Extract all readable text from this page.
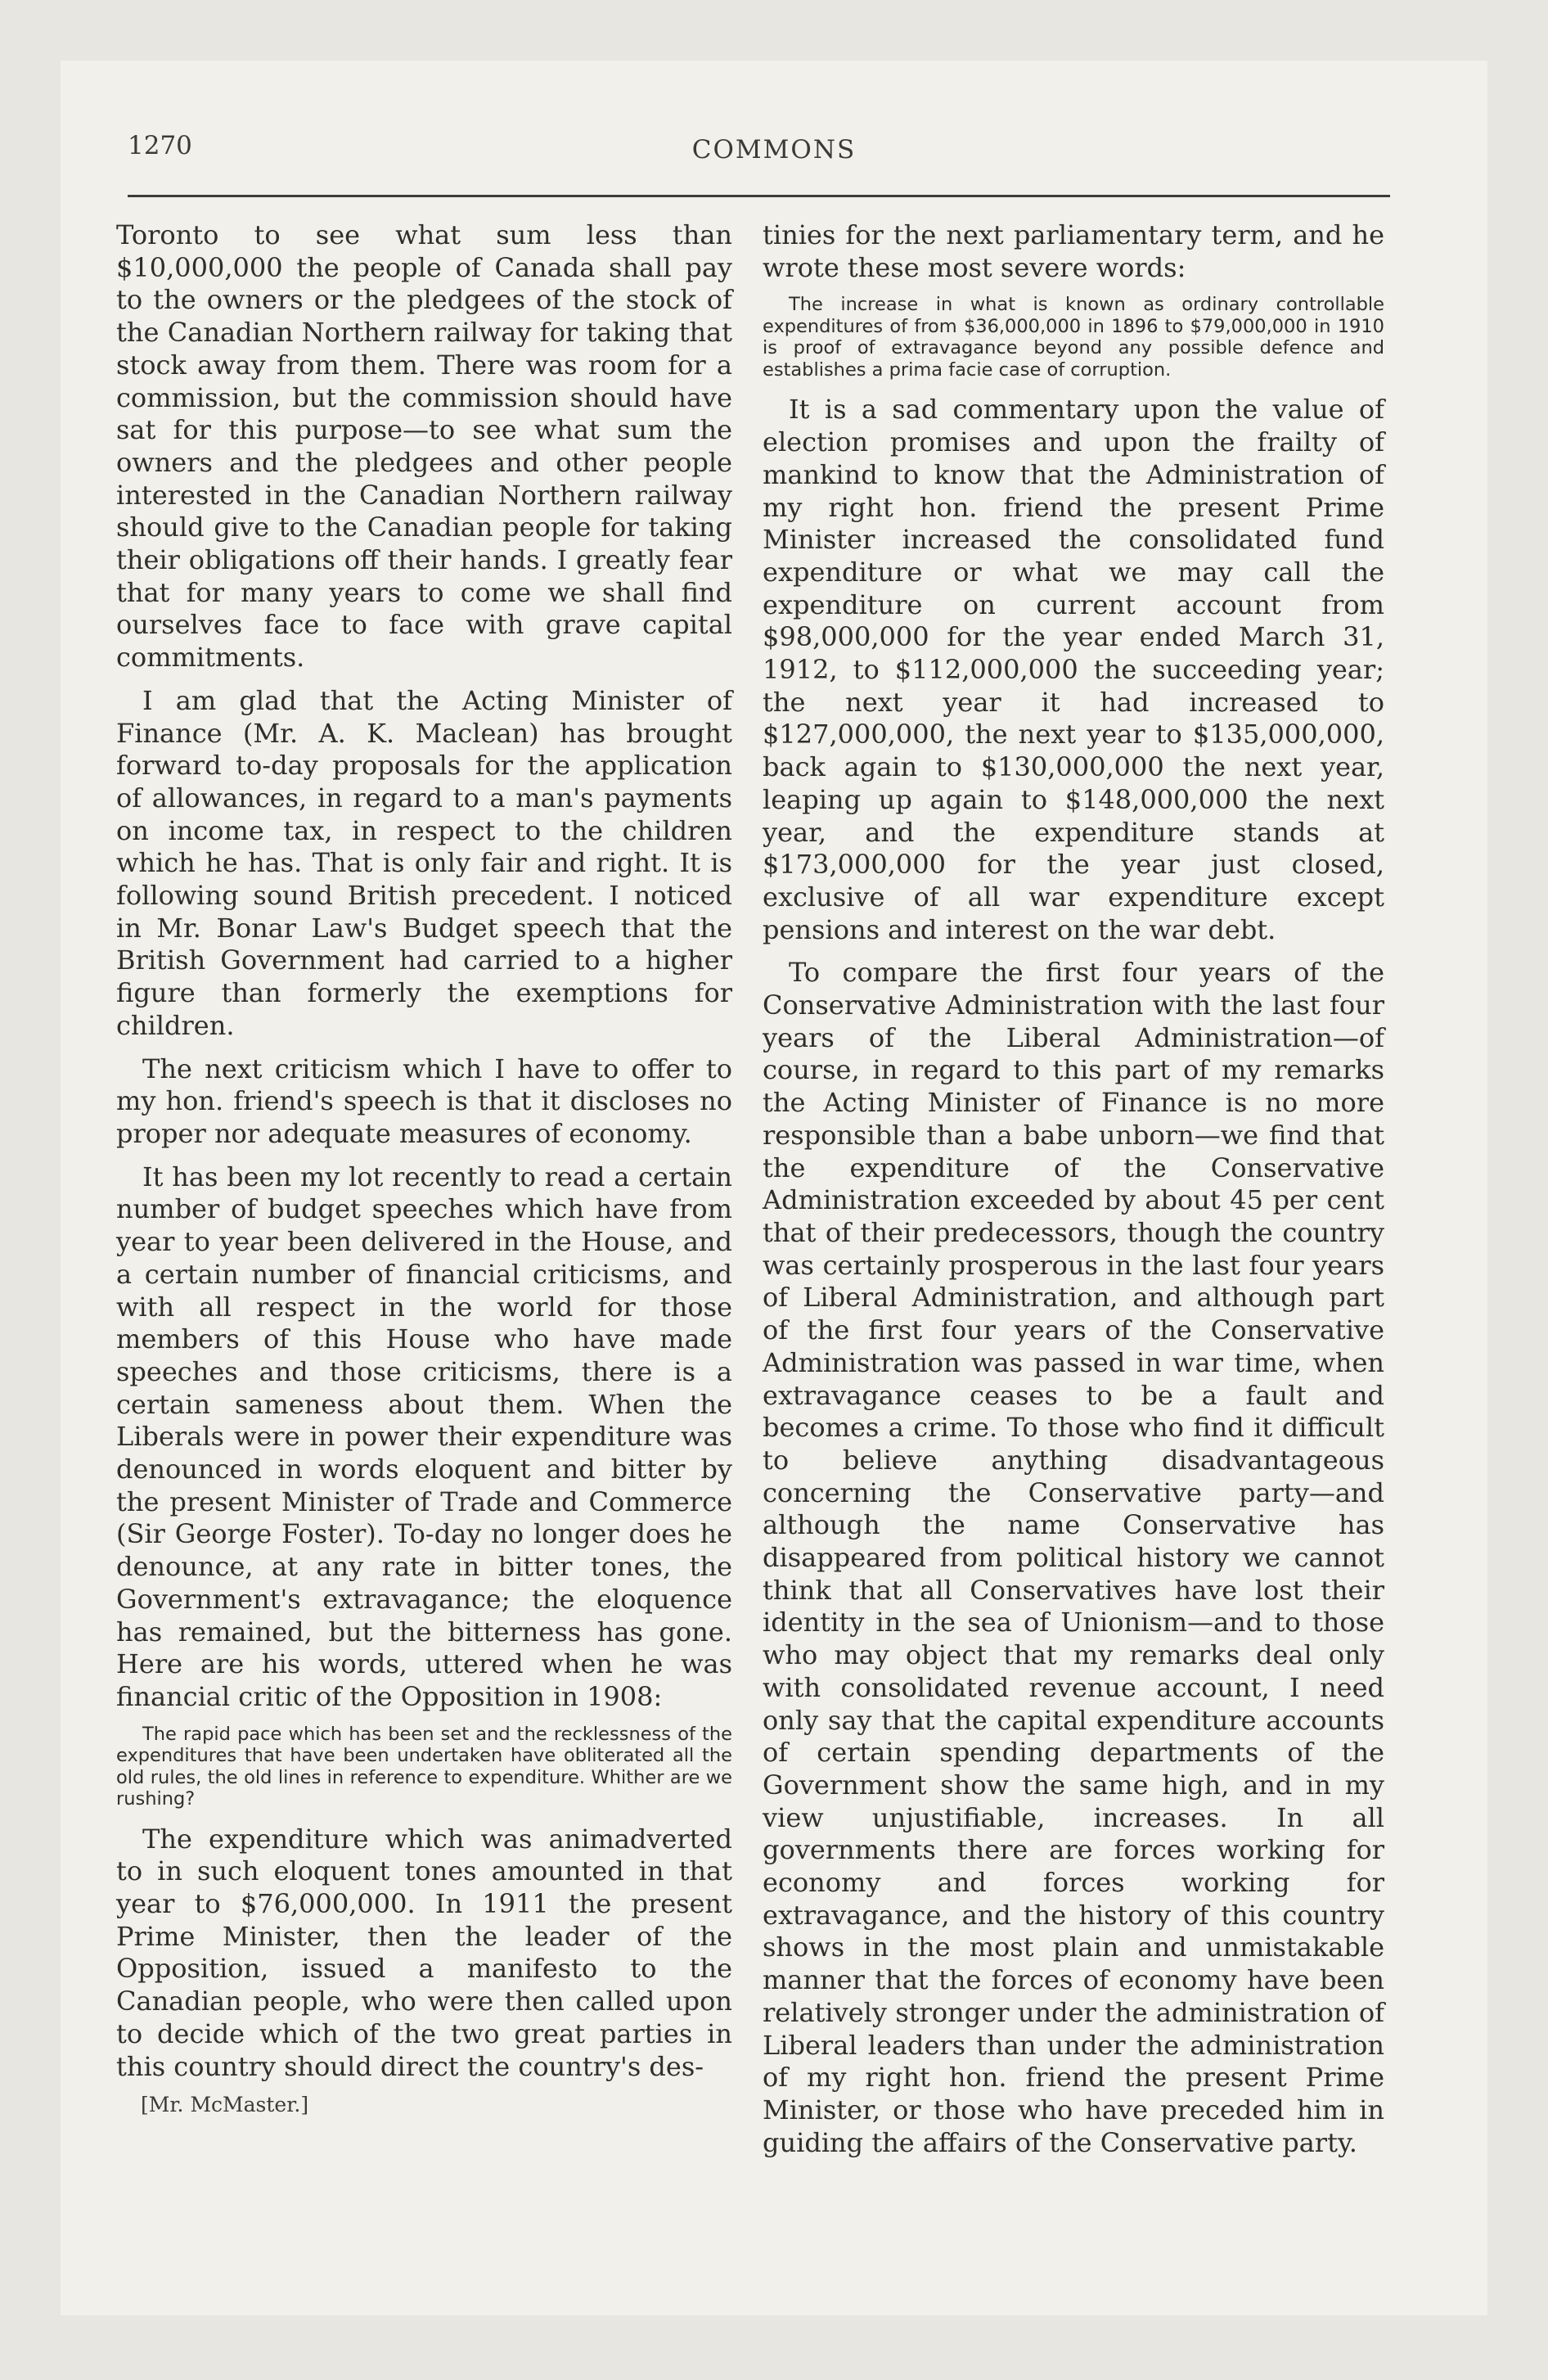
1270	COMMONS

Toronto to see what sum less than $10,000,000 the people of Canada shall pay to the owners or the pledgees of the stock of the Canadian Northern railway for taking that stock away from them. There was room for a commission, but the commission should have sat for this purpose—to see what sum the owners and the pledgees and other people interested in the Canadian Northern railway should give to the Canadian people for taking their obligations off their hands. I greatly fear that for many years to come we shall find ourselves face to face with grave capital commitments.

I am glad that the Acting Minister of Finance (Mr. A. K. Maclean) has brought forward to-day proposals for the application of allowances, in regard to a man's payments on income tax, in respect to the children which he has. That is only fair and right. It is following sound British precedent. I noticed in Mr. Bonar Law's Budget speech that the British Government had carried to a higher figure than formerly the exemptions for children.

The next criticism which I have to offer to my hon. friend's speech is that it discloses no proper nor adequate measures of economy.

It has been my lot recently to read a certain number of budget speeches which have from year to year been delivered in the House, and a certain number of financial criticisms, and with all respect in the world for those members of this House who have made speeches and those criticisms, there is a certain sameness about them. When the Liberals were in power their expenditure was denounced in words eloquent and bitter by the present Minister of Trade and Commerce (Sir George Foster). To-day no longer does he denounce, at any rate in bitter tones, the Government's extravagance; the eloquence has remained, but the bitterness has gone. Here are his words, uttered when he was financial critic of the Opposition in 1908:

The rapid pace which has been set and the recklessness of the expenditures that have been undertaken have obliterated all the old rules, the old lines in reference to expenditure. Whither are we rushing?

The expenditure which was animadverted to in such eloquent tones amounted in that year to $76,000,000. In 1911 the present Prime Minister, then the leader of the Opposition, issued a manifesto to the Canadian people, who were then called upon to decide which of the two great parties in this country should direct the country's des-

[Mr. McMaster.]

tinies for the next parliamentary term, and he wrote these most severe words:

The increase in what is known as ordinary controllable expenditures of from $36,000,000 in 1896 to $79,000,000 in 1910 is proof of extravagance beyond any possible defence and establishes a prima facie case of corruption.

It is a sad commentary upon the value of election promises and upon the frailty of mankind to know that the Administration of my right hon. friend the present Prime Minister increased the consolidated fund expenditure or what we may call the expenditure on current account from $98,000,000 for the year ended March 31, 1912, to $112,000,000 the succeeding year; the next year it had increased to $127,000,000, the next year to $135,000,000, back again to $130,000,000 the next year, leaping up again to $148,000,000 the next year, and the expenditure stands at $173,000,000 for the year just closed, exclusive of all war expenditure except pensions and interest on the war debt.

To compare the first four years of the Conservative Administration with the last four years of the Liberal Administration—of course, in regard to this part of my remarks the Acting Minister of Finance is no more responsible than a babe unborn—we find that the expenditure of the Conservative Administration exceeded by about 45 per cent that of their predecessors, though the country was certainly prosperous in the last four years of Liberal Administration, and although part of the first four years of the Conservative Administration was passed in war time, when extravagance ceases to be a fault and becomes a crime. To those who find it difficult to believe anything disadvantageous concerning the Conservative party—and although the name Conservative has disappeared from political history we cannot think that all Conservatives have lost their identity in the sea of Unionism—and to those who may object that my remarks deal only with consolidated revenue account, I need only say that the capital expenditure accounts of certain spending departments of the Government show the same high, and in my view unjustifiable, increases. In all governments there are forces working for economy and forces working for extravagance, and the history of this country shows in the most plain and unmistakable manner that the forces of economy have been relatively stronger under the administration of Liberal leaders than under the administration of my right hon. friend the present Prime Minister, or those who have preceded him in guiding the affairs of the Conservative party.
